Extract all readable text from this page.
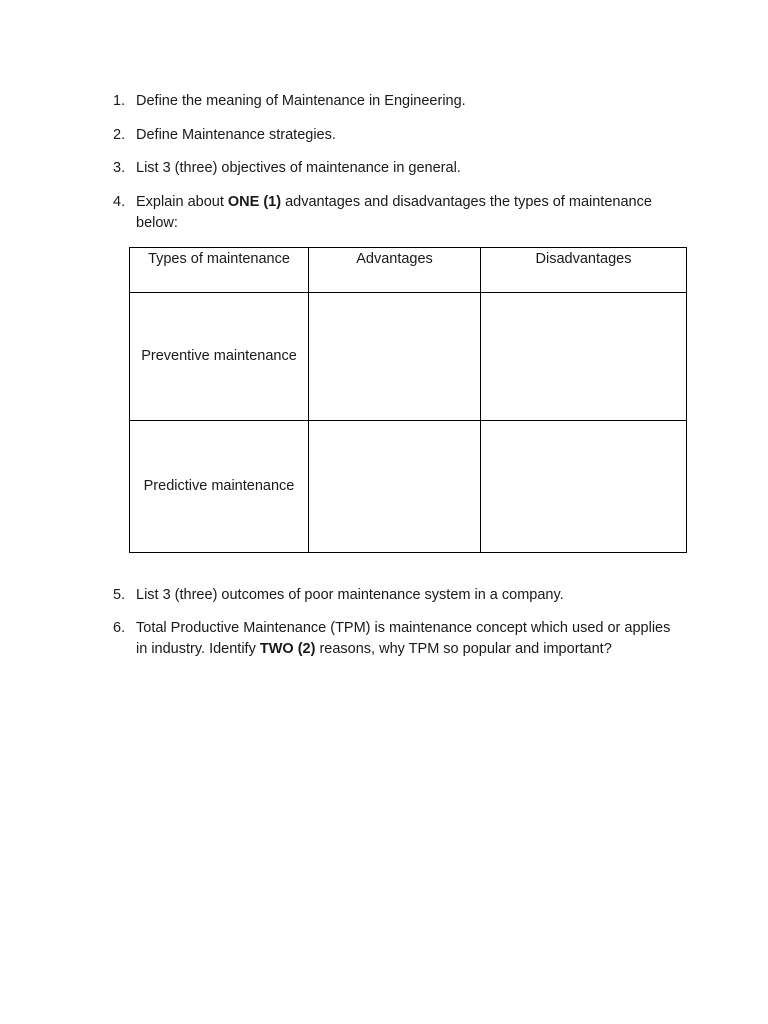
1. Define the meaning of Maintenance in Engineering.
2. Define Maintenance strategies.
3. List 3 (three) objectives of maintenance in general.
4. Explain about ONE (1) advantages and disadvantages the types of maintenance below:
Types of maintenance	Advantages	Disadvantages
Preventive maintenance		
Predictive maintenance		
5. List 3 (three) outcomes of poor maintenance system in a company.
6. Total Productive Maintenance (TPM) is maintenance concept which used or applies in industry. Identify TWO (2) reasons, why TPM so popular and important?
